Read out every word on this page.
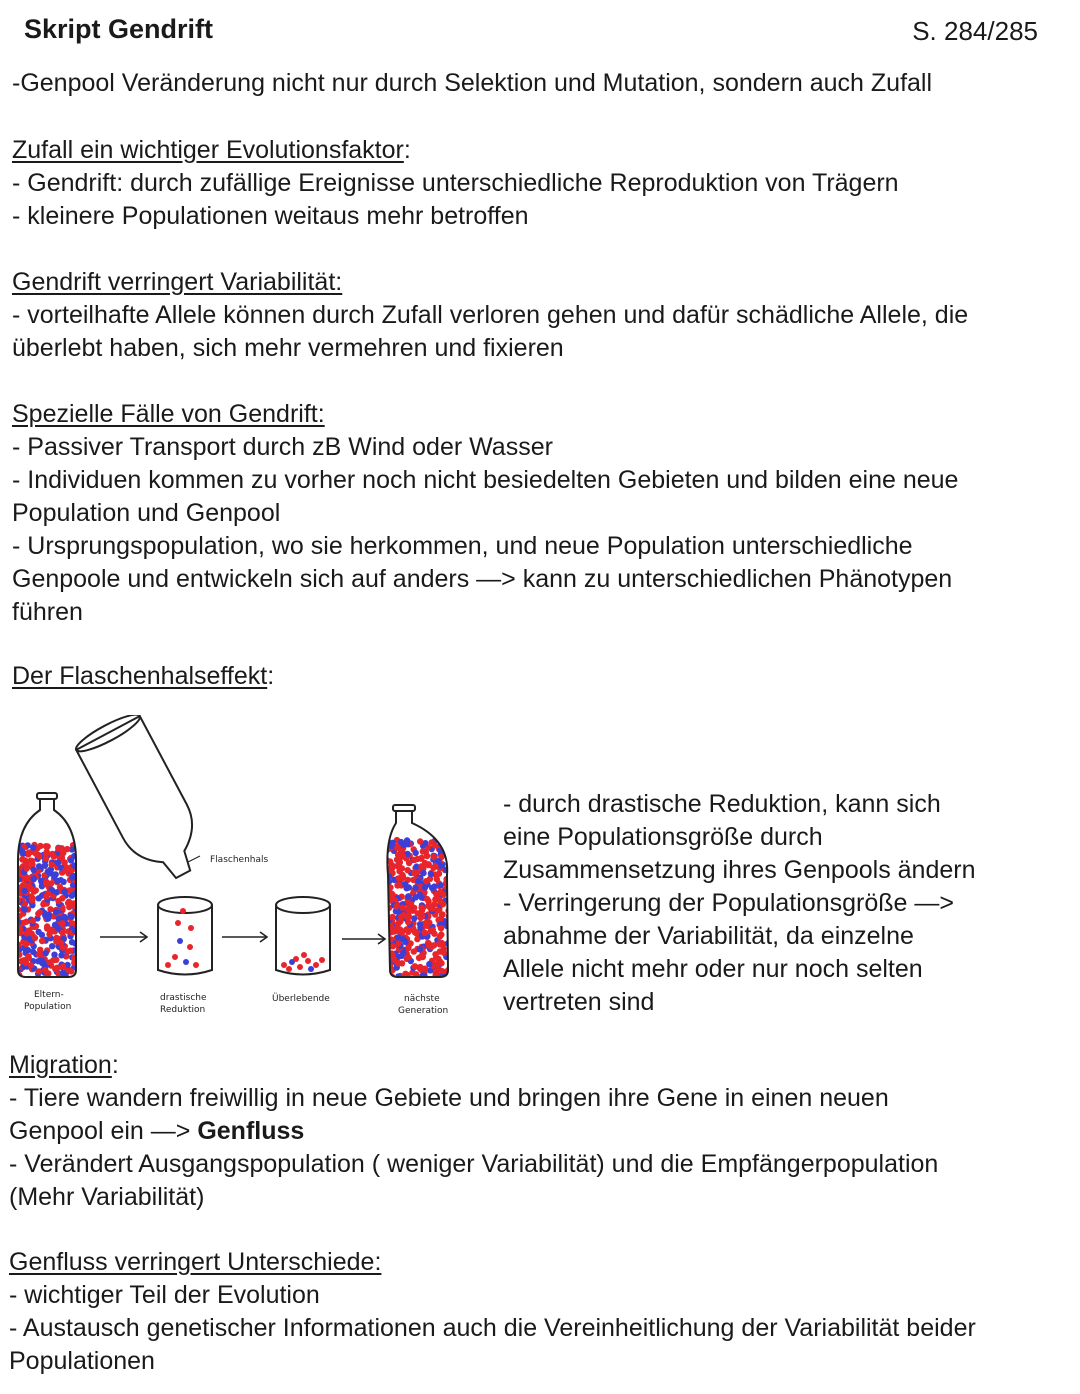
Skript Gendrift	S. 284/285
-Genpool Veränderung nicht nur durch Selektion und Mutation, sondern auch Zufall
Zufall ein wichtiger Evolutionsfaktor:
- Gendrift: durch zufällige Ereignisse unterschiedliche Reproduktion von Trägern
- kleinere Populationen weitaus mehr betroffen
Gendrift verringert Variabilität:
- vorteilhafte Allele können durch Zufall verloren gehen und dafür schädliche Allele, die
überlebt haben, sich mehr vermehren und fixieren
Spezielle Fälle von Gendrift:
- Passiver Transport durch zB Wind oder Wasser
- Individuen kommen zu vorher noch nicht besiedelten Gebieten und bilden eine neue
Population und Genpool
- Ursprungspopulation, wo sie herkommen, und neue Population unterschiedliche
Genpoole und entwickeln sich auf anders —> kann zu unterschiedlichen Phänotypen
führen
Der Flaschenhalseffekt:
Flaschenhals
Eltern-
Population
drastische
Reduktion
Überlebende	nächste
Generation
- durch drastische Reduktion, kann sich
eine Populationsgröße durch
Zusammensetzung ihres Genpools ändern
- Verringerung der Populationsgröße —>
abnahme der Variabilität, da einzelne
Allele nicht mehr oder nur noch selten
vertreten sind
Migration:
- Tiere wandern freiwillig in neue Gebiete und bringen ihre Gene in einen neuen
Genpool ein —> Genfluss
- Verändert Ausgangspopulation ( weniger Variabilität) und die Empfängerpopulation
(Mehr Variabilität)
Genfluss verringert Unterschiede:
- wichtiger Teil der Evolution
- Austausch genetischer Informationen auch die Vereinheitlichung der Variabilität beider
Populationen
